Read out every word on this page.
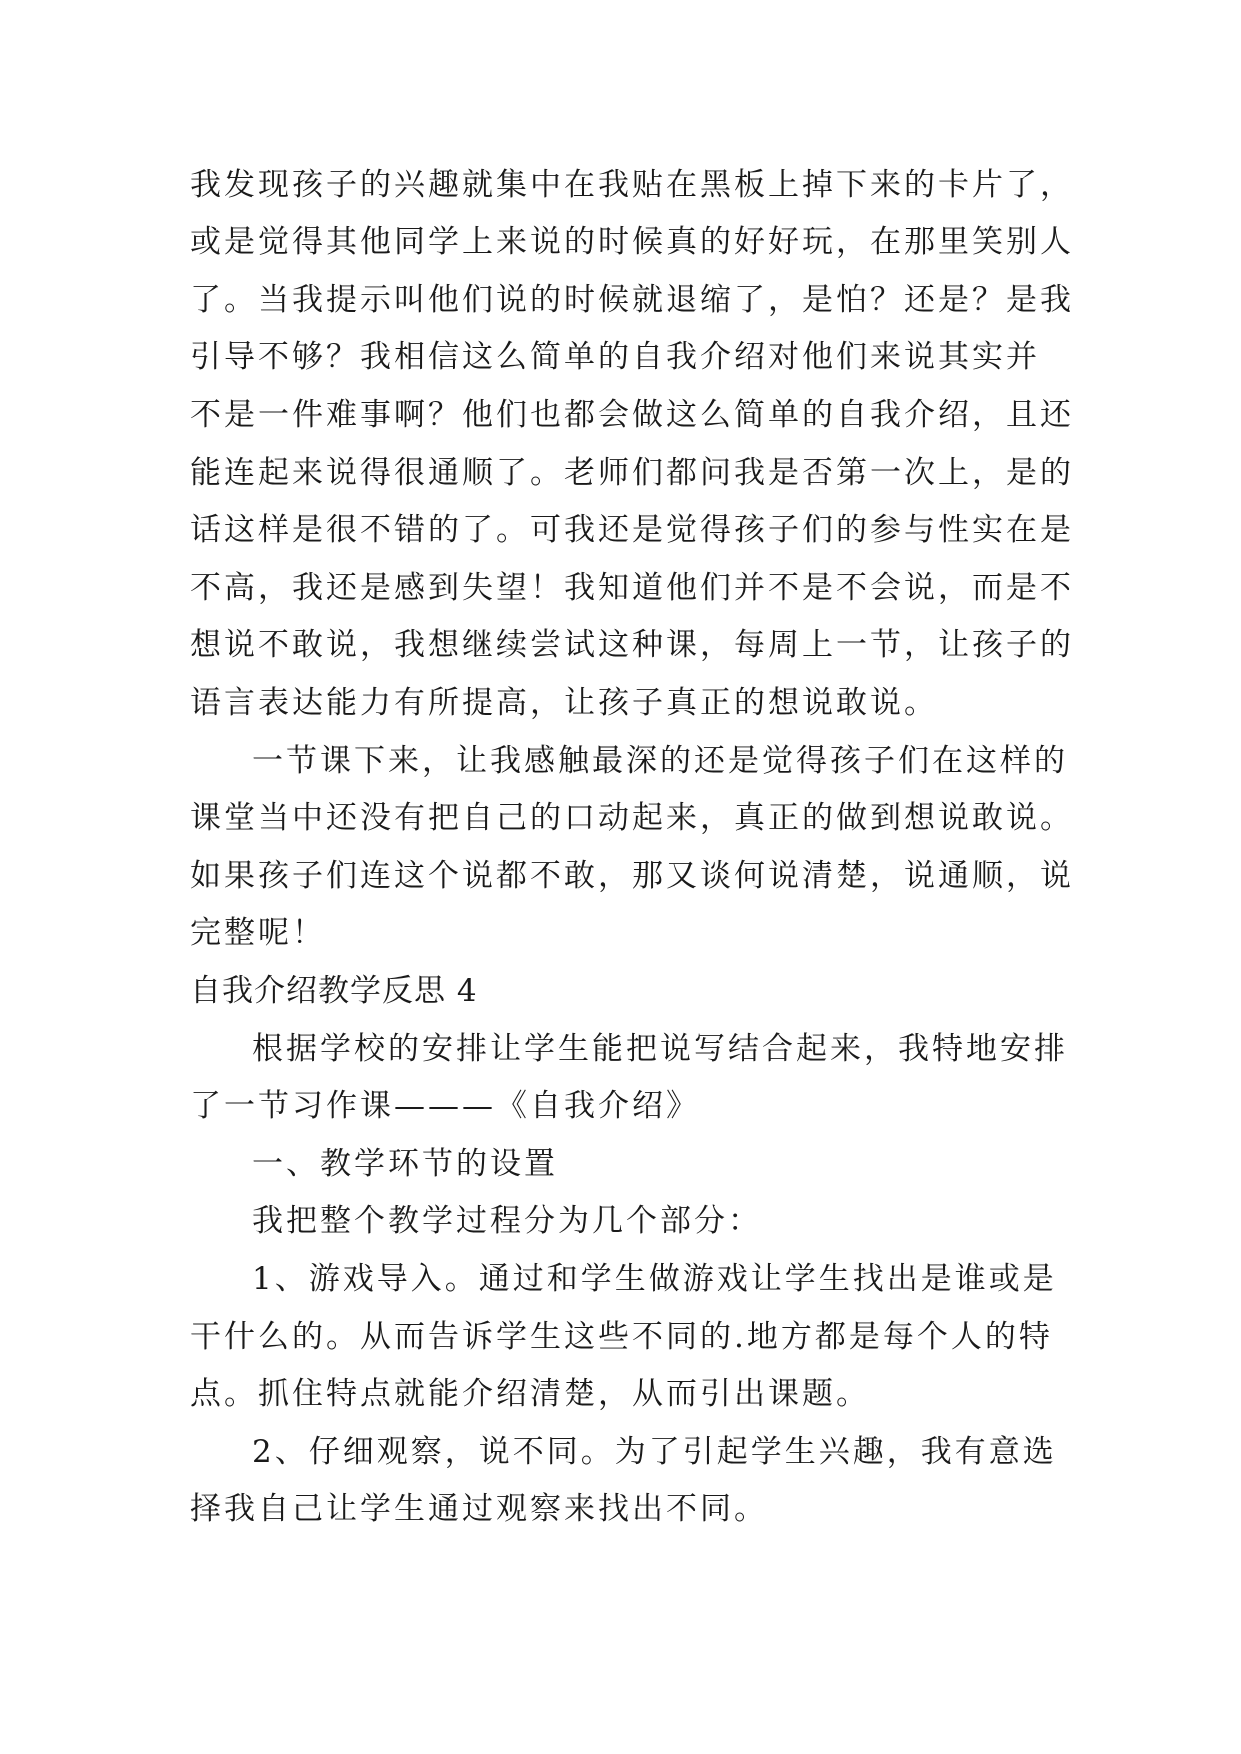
我发现孩子的兴趣就集中在我贴在黑板上掉下来的卡片了，
或是觉得其他同学上来说的时候真的好好玩，在那里笑别人
了。当我提示叫他们说的时候就退缩了，是怕？还是？是我
引导不够？我相信这么简单的自我介绍对他们来说其实并
不是一件难事啊？他们也都会做这么简单的自我介绍，且还
能连起来说得很通顺了。老师们都问我是否第一次上，是的
话这样是很不错的了。可我还是觉得孩子们的参与性实在是
不高，我还是感到失望！我知道他们并不是不会说，而是不
想说不敢说，我想继续尝试这种课，每周上一节，让孩子的
语言表达能力有所提高，让孩子真正的想说敢说。
一节课下来，让我感触最深的还是觉得孩子们在这样的
课堂当中还没有把自己的口动起来，真正的做到想说敢说。
如果孩子们连这个说都不敢，那又谈何说清楚，说通顺，说
完整呢！
自我介绍教学反思 4
根据学校的安排让学生能把说写结合起来，我特地安排
了一节习作课———《自我介绍》
一、教学环节的设置
我把整个教学过程分为几个部分：
1、游戏导入。通过和学生做游戏让学生找出是谁或是
干什么的。从而告诉学生这些不同的.地方都是每个人的特
点。抓住特点就能介绍清楚，从而引出课题。
2、仔细观察，说不同。为了引起学生兴趣，我有意选
择我自己让学生通过观察来找出不同。
